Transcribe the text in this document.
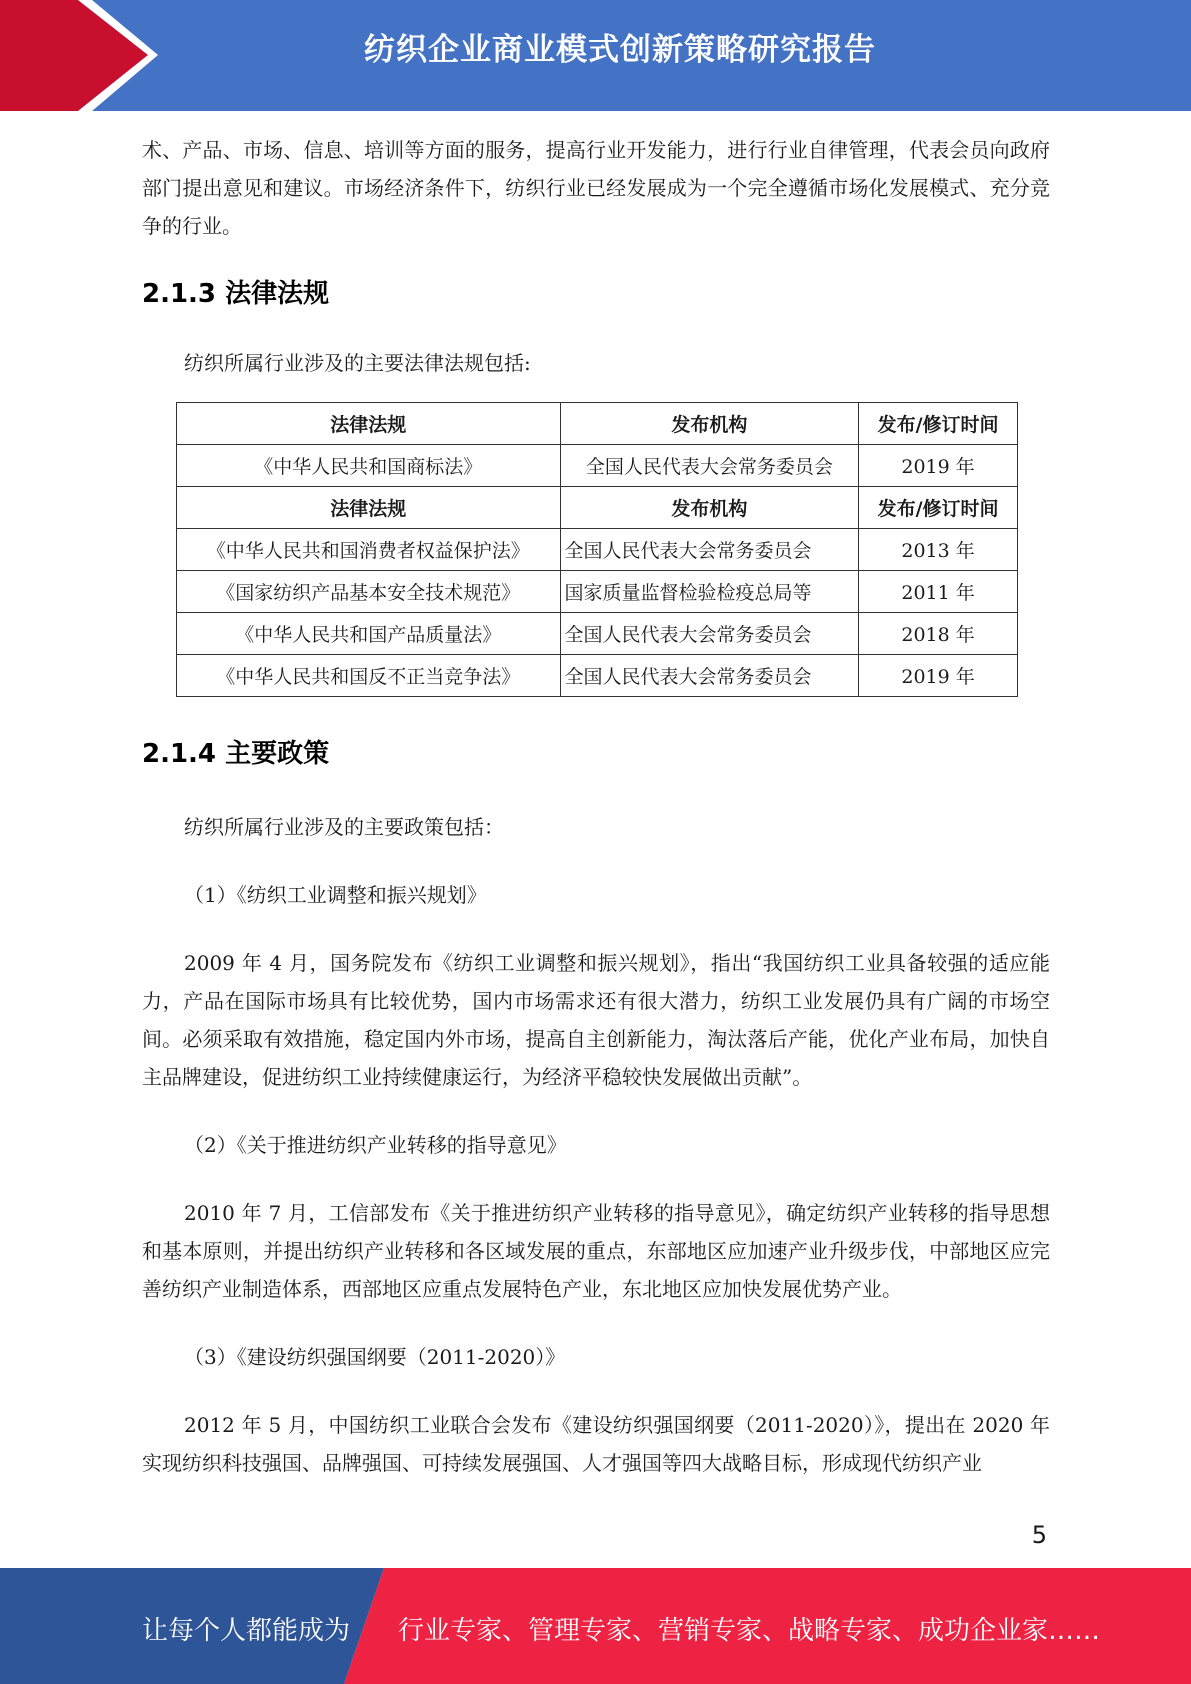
纺织企业商业模式创新策略研究报告

术、产品、市场、信息、培训等方面的服务，提高行业开发能力，进行行业自律管理，代表会员向政府部门提出意见和建议。市场经济条件下，纺织行业已经发展成为一个完全遵循市场化发展模式、充分竞争的行业。

2.1.3 法律法规

纺织所属行业涉及的主要法律法规包括:

法律法规	发布机构	发布/修订时间
《中华人民共和国商标法》	全国人民代表大会常务委员会	2019 年
法律法规	发布机构	发布/修订时间
《中华人民共和国消费者权益保护法》	全国人民代表大会常务委员会	2013 年
《国家纺织产品基本安全技术规范》	国家质量监督检验检疫总局等	2011 年
《中华人民共和国产品质量法》	全国人民代表大会常务委员会	2018 年
《中华人民共和国反不正当竞争法》	全国人民代表大会常务委员会	2019 年
2.1.4 主要政策

纺织所属行业涉及的主要政策包括：

（1）《纺织工业调整和振兴规划》

2009 年 4 月，国务院发布《纺织工业调整和振兴规划》，指出“我国纺织工业具备较强的适应能力，产品在国际市场具有比较优势，国内市场需求还有很大潜力，纺织工业发展仍具有广阔的市场空间。必须采取有效措施，稳定国内外市场，提高自主创新能力，淘汰落后产能，优化产业布局，加快自主品牌建设，促进纺织工业持续健康运行，为经济平稳较快发展做出贡献”。

（2）《关于推进纺织产业转移的指导意见》

2010 年 7 月，工信部发布《关于推进纺织产业转移的指导意见》，确定纺织产业转移的指导思想和基本原则，并提出纺织产业转移和各区域发展的重点，东部地区应加速产业升级步伐，中部地区应完善纺织产业制造体系，西部地区应重点发展特色产业，东北地区应加快发展优势产业。

（3）《建设纺织强国纲要（2011-2020）》

2012 年 5 月，中国纺织工业联合会发布《建设纺织强国纲要（2011-2020）》，提出在 2020 年实现纺织科技强国、品牌强国、可持续发展强国、人才强国等四大战略目标，形成现代纺织产业

5
让每个人都能成为 行业专家、管理专家、营销专家、战略专家、成功企业家……
